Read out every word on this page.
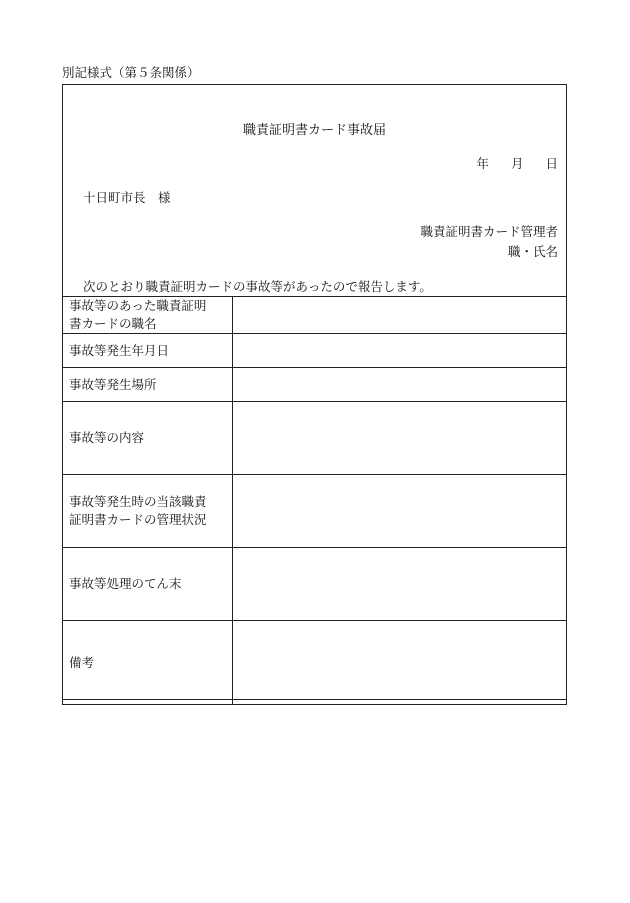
別記様式（第５条関係）
職責証明書カード事故届
年 月 日
十日町市長　様
職責証明書カード管理者
職・氏名
次のとおり職責証明カードの事故等があったので報告します。
事故等のあった職責証明
書カードの職名	

事故等発生年月日	

事故等発生場所	

事故等の内容	

事故等発生時の当該職責
証明書カードの管理状況	

事故等処理のてん末	

備考	
